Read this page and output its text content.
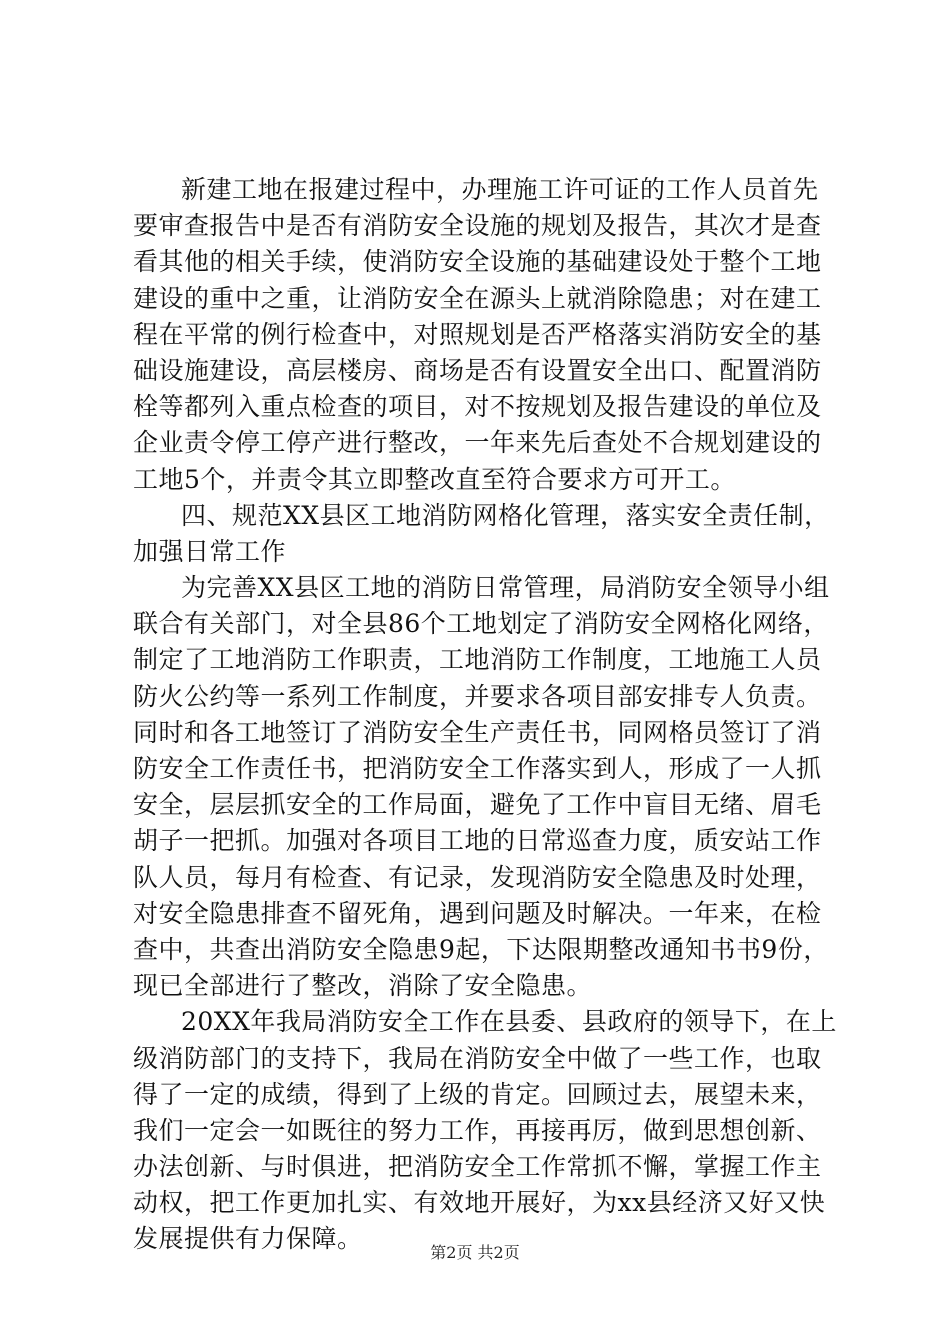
新建工地在报建过程中，办理施工许可证的工作人员首先
要审查报告中是否有消防安全设施的规划及报告，其次才是查
看其他的相关手续，使消防安全设施的基础建设处于整个工地
建设的重中之重，让消防安全在源头上就消除隐患；对在建工
程在平常的例行检查中，对照规划是否严格落实消防安全的基
础设施建设，高层楼房、商场是否有设置安全出口、配置消防
栓等都列入重点检查的项目，对不按规划及报告建设的单位及
企业责令停工停产进行整改，一年来先后查处不合规划建设的
工地5个，并责令其立即整改直至符合要求方可开工。
四、规范XX县区工地消防网格化管理，落实安全责任制，
加强日常工作
为完善XX县区工地的消防日常管理，局消防安全领导小组
联合有关部门，对全县86个工地划定了消防安全网格化网络，
制定了工地消防工作职责，工地消防工作制度，工地施工人员
防火公约等一系列工作制度，并要求各项目部安排专人负责。
同时和各工地签订了消防安全生产责任书，同网格员签订了消
防安全工作责任书，把消防安全工作落实到人，形成了一人抓
安全，层层抓安全的工作局面，避免了工作中盲目无绪、眉毛
胡子一把抓。加强对各项目工地的日常巡查力度，质安站工作
队人员，每月有检查、有记录，发现消防安全隐患及时处理，
对安全隐患排查不留死角，遇到问题及时解决。一年来，在检
查中，共查出消防安全隐患9起，下达限期整改通知书书9份，
现已全部进行了整改，消除了安全隐患。
20XX年我局消防安全工作在县委、县政府的领导下，在上
级消防部门的支持下，我局在消防安全中做了一些工作，也取
得了一定的成绩，得到了上级的肯定。回顾过去，展望未来，
我们一定会一如既往的努力工作，再接再厉，做到思想创新、
办法创新、与时俱进，把消防安全工作常抓不懈，掌握工作主
动权，把工作更加扎实、有效地开展好，为xx县经济又好又快
发展提供有力保障。	第2页 共2页
